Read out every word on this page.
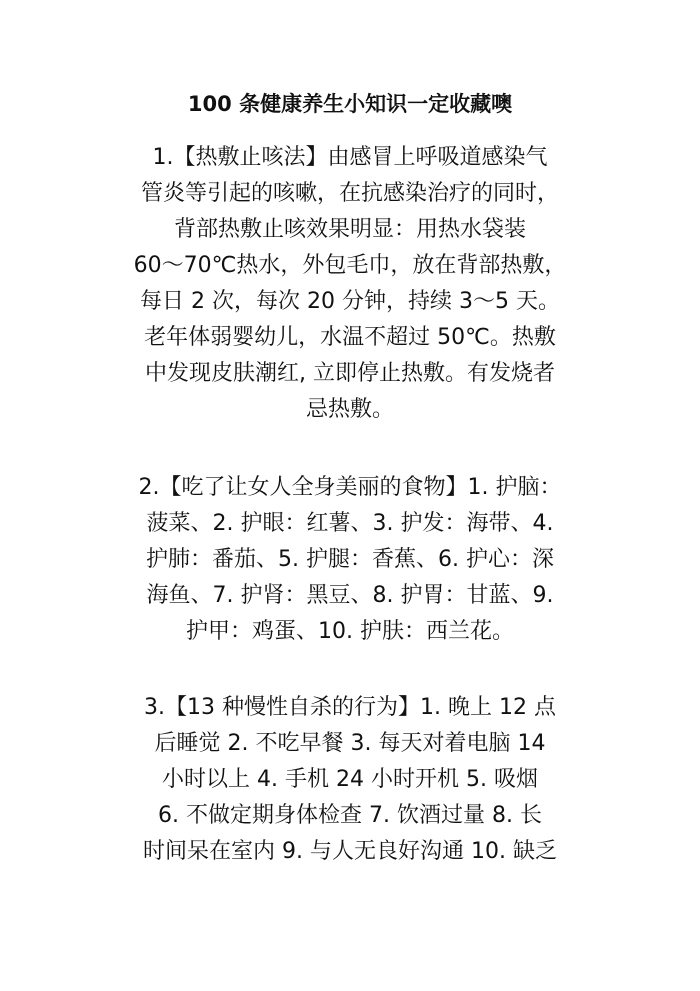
100 条健康养生小知识一定收藏噢
1.【热敷止咳法】由感冒上呼吸道感染气
管炎等引起的咳嗽，在抗感染治疗的同时，
背部热敷止咳效果明显：用热水袋装
60～70℃热水，外包毛巾，放在背部热敷，
每日 2 次，每次 20 分钟，持续 3～5 天。
老年体弱婴幼儿，水温不超过 50℃。热敷
中发现皮肤潮红, 立即停止热敷。有发烧者
忌热敷。
2.【吃了让女人全身美丽的食物】1. 护脑：
菠菜、2. 护眼：红薯、3. 护发：海带、4.
护肺：番茄、5. 护腿：香蕉、6. 护心：深
海鱼、7. 护肾：黑豆、8. 护胃：甘蓝、9.
护甲：鸡蛋、10. 护肤：西兰花。
3.【13 种慢性自杀的行为】1. 晚上 12 点
后睡觉 2. 不吃早餐 3. 每天对着电脑 14
小时以上 4. 手机 24 小时开机 5. 吸烟
6. 不做定期身体检查 7. 饮酒过量 8. 长
时间呆在室内 9. 与人无良好沟通 10. 缺乏
